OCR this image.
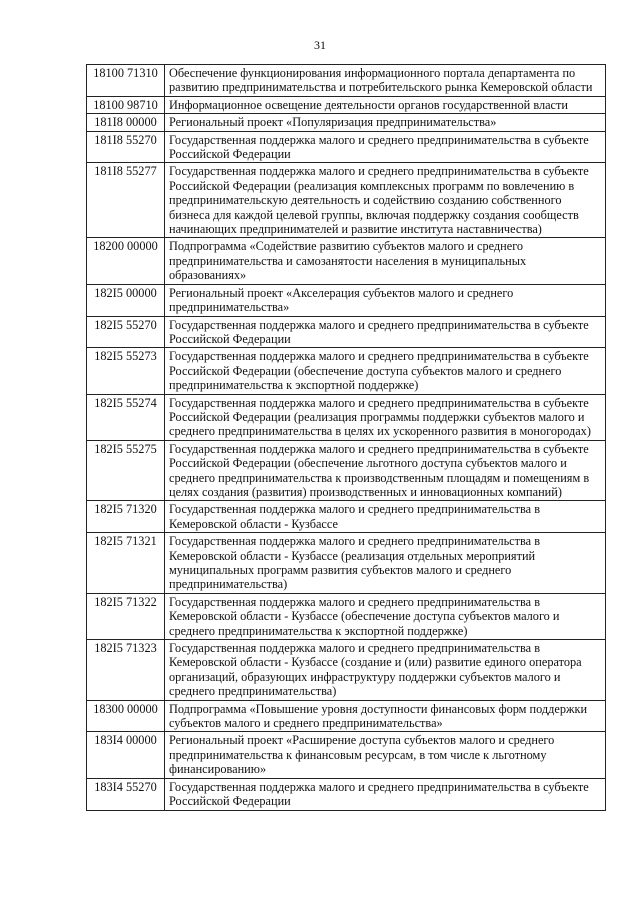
31
18100 71310	Обеспечение функционирования информационного портала департамента по развитию предпринимательства и потребительского рынка Кемеровской области
18100 98710	Информационное освещение деятельности органов государственной власти
181I8 00000	Региональный проект «Популяризация предпринимательства»
181I8 55270	Государственная поддержка малого и среднего предпринимательства в субъекте Российской Федерации
181I8 55277	Государственная поддержка малого и среднего предпринимательства в субъекте Российской Федерации (реализация комплексных программ по вовлечению в предпринимательскую деятельность и содействию созданию собственного бизнеса для каждой целевой группы, включая поддержку создания сообществ начинающих предпринимателей и развитие института наставничества)
18200 00000	Подпрограмма «Содействие развитию субъектов малого и среднего предпринимательства и самозанятости населения в муниципальных образованиях»
182I5 00000	Региональный проект «Акселерация субъектов малого и среднего предпринимательства»
182I5 55270	Государственная поддержка малого и среднего предпринимательства в субъекте Российской Федерации
182I5 55273	Государственная поддержка малого и среднего предпринимательства в субъекте Российской Федерации (обеспечение доступа субъектов малого и среднего предпринимательства к экспортной поддержке)
182I5 55274	Государственная поддержка малого и среднего предпринимательства в субъекте Российской Федерации (реализация программы поддержки субъектов малого и среднего предпринимательства в целях их ускоренного развития в моногородах)
182I5 55275	Государственная поддержка малого и среднего предпринимательства в субъекте Российской Федерации (обеспечение льготного доступа субъектов малого и среднего предпринимательства к производственным площадям и помещениям в целях создания (развития) производственных и инновационных компаний)
182I5 71320	Государственная поддержка малого и среднего предпринимательства в Кемеровской области - Кузбассе
182I5 71321	Государственная поддержка малого и среднего предпринимательства в Кемеровской области - Кузбассе (реализация отдельных мероприятий муниципальных программ развития субъектов малого и среднего предпринимательства)
182I5 71322	Государственная поддержка малого и среднего предпринимательства в Кемеровской области - Кузбассе (обеспечение доступа субъектов малого и среднего предпринимательства к экспортной поддержке)
182I5 71323	Государственная поддержка малого и среднего предпринимательства в Кемеровской области - Кузбассе (создание и (или) развитие единого оператора организаций, образующих инфраструктуру поддержки субъектов малого и среднего предпринимательства)
18300 00000	Подпрограмма «Повышение уровня доступности финансовых форм поддержки субъектов малого и среднего предпринимательства»
183I4 00000	Региональный проект «Расширение доступа субъектов малого и среднего предпринимательства к финансовым ресурсам, в том числе к льготному финансированию»
183I4 55270	Государственная поддержка малого и среднего предпринимательства в субъекте Российской Федерации
